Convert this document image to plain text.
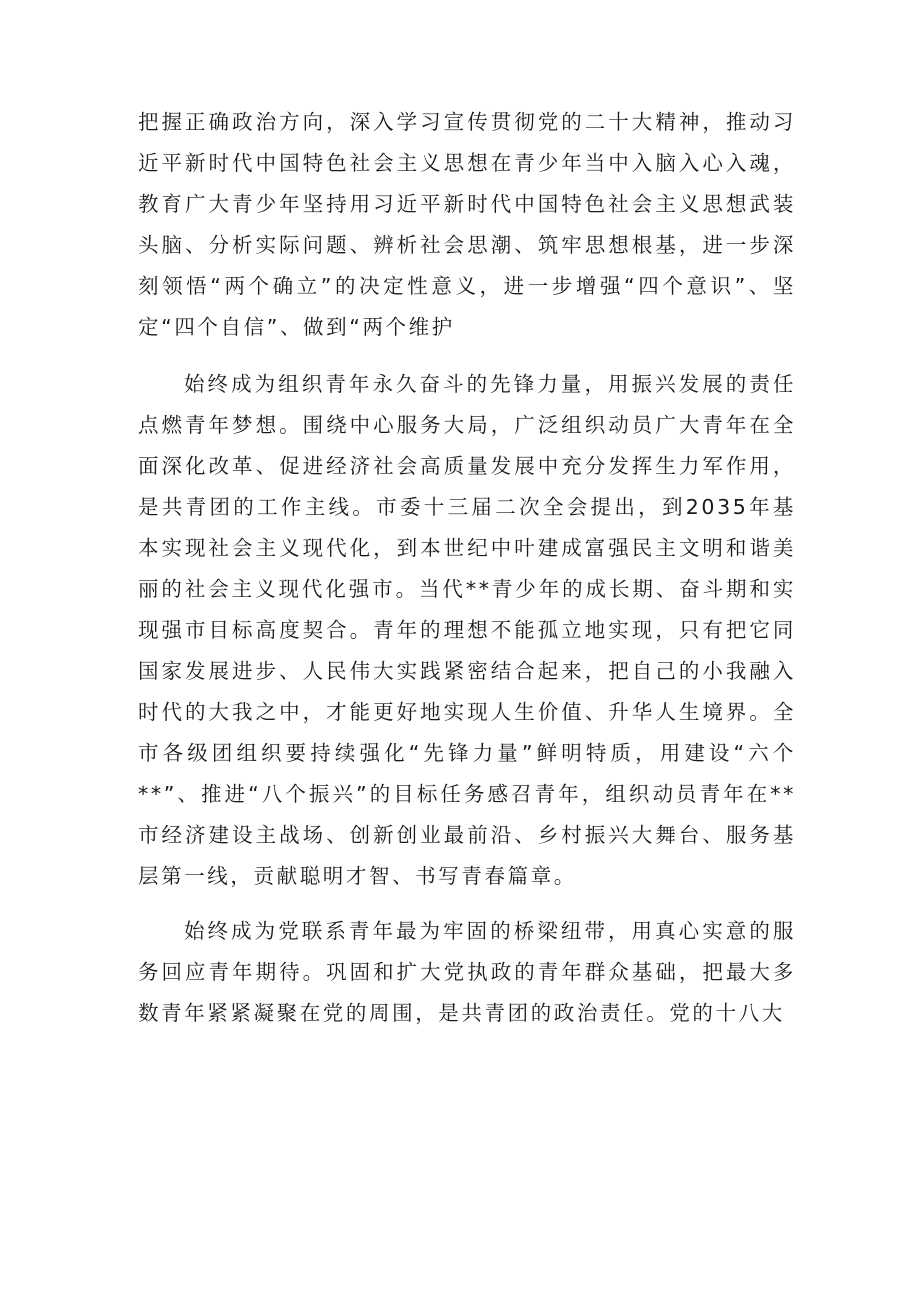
把握正确政治方向，深入学习宣传贯彻党的二十大精神，推动习近平新时代中国特色社会主义思想在青少年当中入脑入心入魂，教育广大青少年坚持用习近平新时代中国特色社会主义思想武装头脑、分析实际问题、辨析社会思潮、筑牢思想根基，进一步深刻领悟“两个确立”的决定性意义，进一步增强“四个意识”、坚定“四个自信”、做到“两个维护

始终成为组织青年永久奋斗的先锋力量，用振兴发展的责任点燃青年梦想。围绕中心服务大局，广泛组织动员广大青年在全面深化改革、促进经济社会高质量发展中充分发挥生力军作用，是共青团的工作主线。市委十三届二次全会提出，到2035年基本实现社会主义现代化，到本世纪中叶建成富强民主文明和谐美丽的社会主义现代化强市。当代**青少年的成长期、奋斗期和实现强市目标高度契合。青年的理想不能孤立地实现，只有把它同国家发展进步、人民伟大实践紧密结合起来，把自己的小我融入时代的大我之中，才能更好地实现人生价值、升华人生境界。全市各级团组织要持续强化“先锋力量”鲜明特质，用建设“六个**”、推进“八个振兴”的目标任务感召青年，组织动员青年在**市经济建设主战场、创新创业最前沿、乡村振兴大舞台、服务基层第一线，贡献聪明才智、书写青春篇章。

始终成为党联系青年最为牢固的桥梁纽带，用真心实意的服务回应青年期待。巩固和扩大党执政的青年群众基础，把最大多数青年紧紧凝聚在党的周围，是共青团的政治责任。党的十八大
